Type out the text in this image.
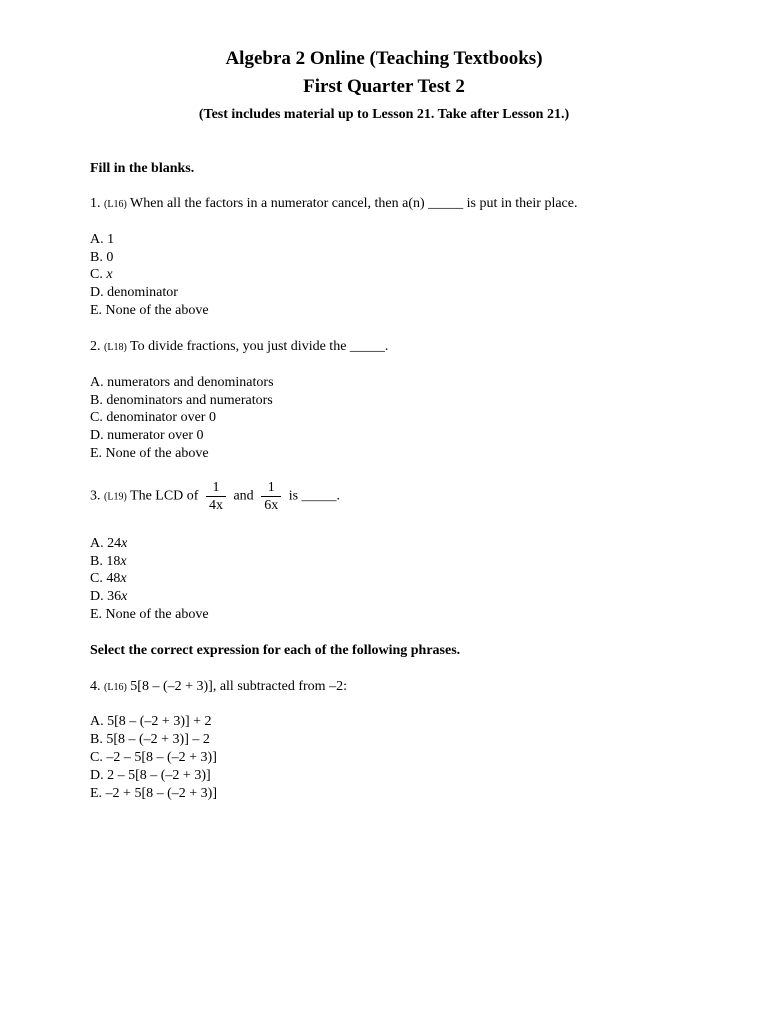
Algebra 2 Online (Teaching Textbooks)
First Quarter Test 2
(Test includes material up to Lesson 21. Take after Lesson 21.)
Fill in the blanks.
1. (L16) When all the factors in a numerator cancel, then a(n) _____ is put in their place.
A. 1
B. 0
C. x
D. denominator
E. None of the above
2. (L18) To divide fractions, you just divide the _____.
A. numerators and denominators
B. denominators and numerators
C. denominator over 0
D. numerator over 0
E. None of the above
3. (L19) The LCD of $\frac{1}{4x}$ and $\frac{1}{6x}$ is _____.
A. 24x
B. 18x
C. 48x
D. 36x
E. None of the above
Select the correct expression for each of the following phrases.
4. (L16) 5[8 – (–2 + 3)], all subtracted from –2:
A. 5[8 – (–2 + 3)] + 2
B. 5[8 – (–2 + 3)] – 2
C. –2 – 5[8 – (–2 + 3)]
D. 2 – 5[8 – (–2 + 3)]
E. –2 + 5[8 – (–2 + 3)]
